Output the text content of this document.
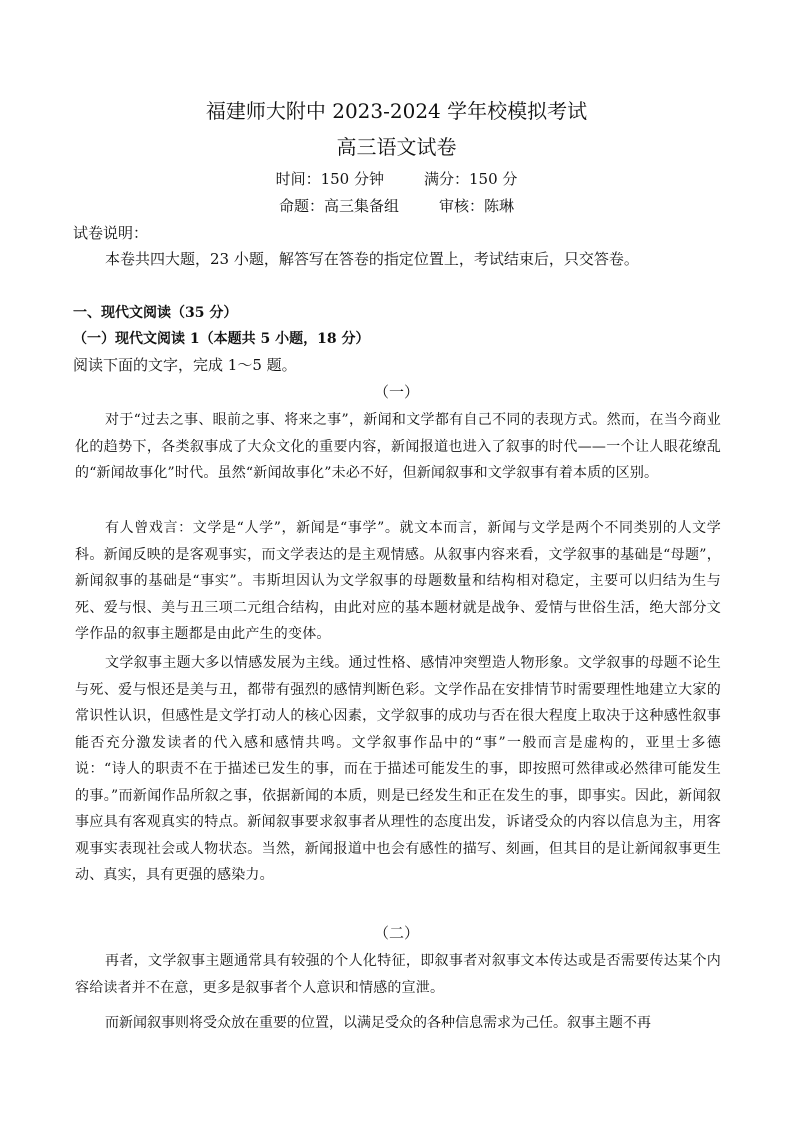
福建师大附中 2023-2024 学年校模拟考试
高三语文试卷
时间：150 分钟	满分：150 分
命题：高三集备组	审核：陈琳
试卷说明：
本卷共四大题，23 小题，解答写在答卷的指定位置上，考试结束后，只交答卷。
一、现代文阅读（35 分）
（一）现代文阅读 1（本题共 5 小题，18 分）
阅读下面的文字，完成 1～5 题。
（一）
对于“过去之事、眼前之事、将来之事”，新闻和文学都有自己不同的表现方式。然而，在当今商业化的趋势下，各类叙事成了大众文化的重要内容，新闻报道也进入了叙事的时代——一个让人眼花缭乱的“新闻故事化”时代。虽然“新闻故事化”未必不好，但新闻叙事和文学叙事有着本质的区别。
有人曾戏言：文学是“人学”，新闻是“事学”。就文本而言，新闻与文学是两个不同类别的人文学科。新闻反映的是客观事实，而文学表达的是主观情感。从叙事内容来看，文学叙事的基础是“母题”，新闻叙事的基础是“事实”。韦斯坦因认为文学叙事的母题数量和结构相对稳定，主要可以归结为生与死、爱与恨、美与丑三项二元组合结构，由此对应的基本题材就是战争、爱情与世俗生活，绝大部分文学作品的叙事主题都是由此产生的变体。
文学叙事主题大多以情感发展为主线。通过性格、感情冲突塑造人物形象。文学叙事的母题不论生与死、爱与恨还是美与丑，都带有强烈的感情判断色彩。文学作品在安排情节时需要理性地建立大家的常识性认识，但感性是文学打动人的核心因素，文学叙事的成功与否在很大程度上取决于这种感性叙事能否充分激发读者的代入感和感情共鸣。文学叙事作品中的“事”一般而言是虚构的，亚里士多德说：“诗人的职责不在于描述已发生的事，而在于描述可能发生的事，即按照可然律或必然律可能发生的事。”而新闻作品所叙之事，依据新闻的本质，则是已经发生和正在发生的事，即事实。因此，新闻叙事应具有客观真实的特点。新闻叙事要求叙事者从理性的态度出发，诉诸受众的内容以信息为主，用客观事实表现社会或人物状态。当然，新闻报道中也会有感性的描写、刻画，但其目的是让新闻叙事更生动、真实，具有更强的感染力。
（二）
再者，文学叙事主题通常具有较强的个人化特征，即叙事者对叙事文本传达或是否需要传达某个内容给读者并不在意，更多是叙事者个人意识和情感的宣泄。
而新闻叙事则将受众放在重要的位置，以满足受众的各种信息需求为己任。叙事主题不再
